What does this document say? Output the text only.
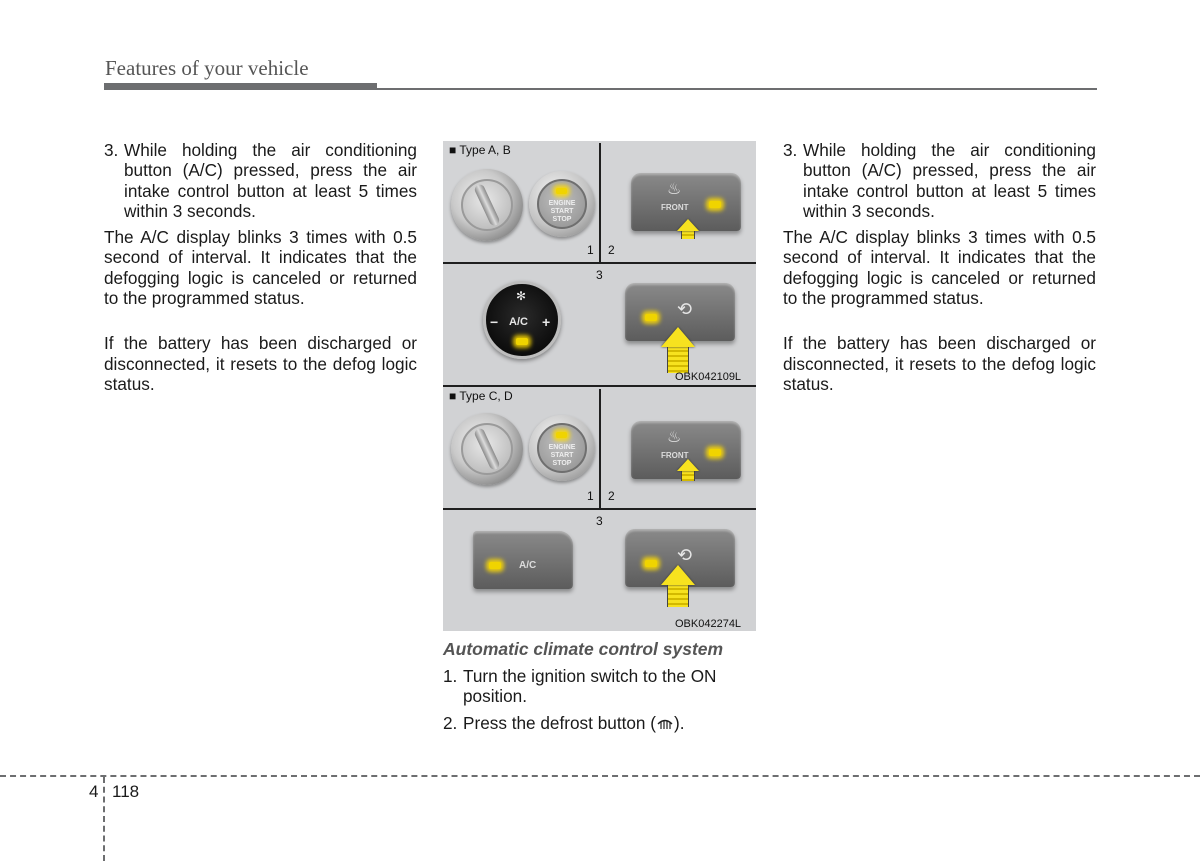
Features of your vehicle
3. While holding the air conditioning button (A/C) pressed, press the air intake control button at least 5 times within 3 seconds.

The A/C display blinks 3 times with 0.5 second of interval. It indicates that the defogging logic is canceled or returned to the programmed status.

If the battery has been discharged or disconnected, it resets to the defog logic status.

3. While holding the air conditioning button (A/C) pressed, press the air intake control button at least 5 times within 3 seconds.

The A/C display blinks 3 times with 0.5 second of interval. It indicates that the defogging logic is canceled or returned to the programmed status.

If the battery has been discharged or disconnected, it resets to the defog logic status.

■ Type A, B
ENGINE
START
STOP
1 2
♨
FRONT
3
✻
−	+
A/C
⟲
OBK042109L
■ Type C, D
ENGINE
START
STOP
1 2
♨
FRONT
3
A/C
⟲
OBK042274L
Automatic climate control system
1. Turn the ignition switch to the ON position.
2. Press the defrost button ( ).
4 118
